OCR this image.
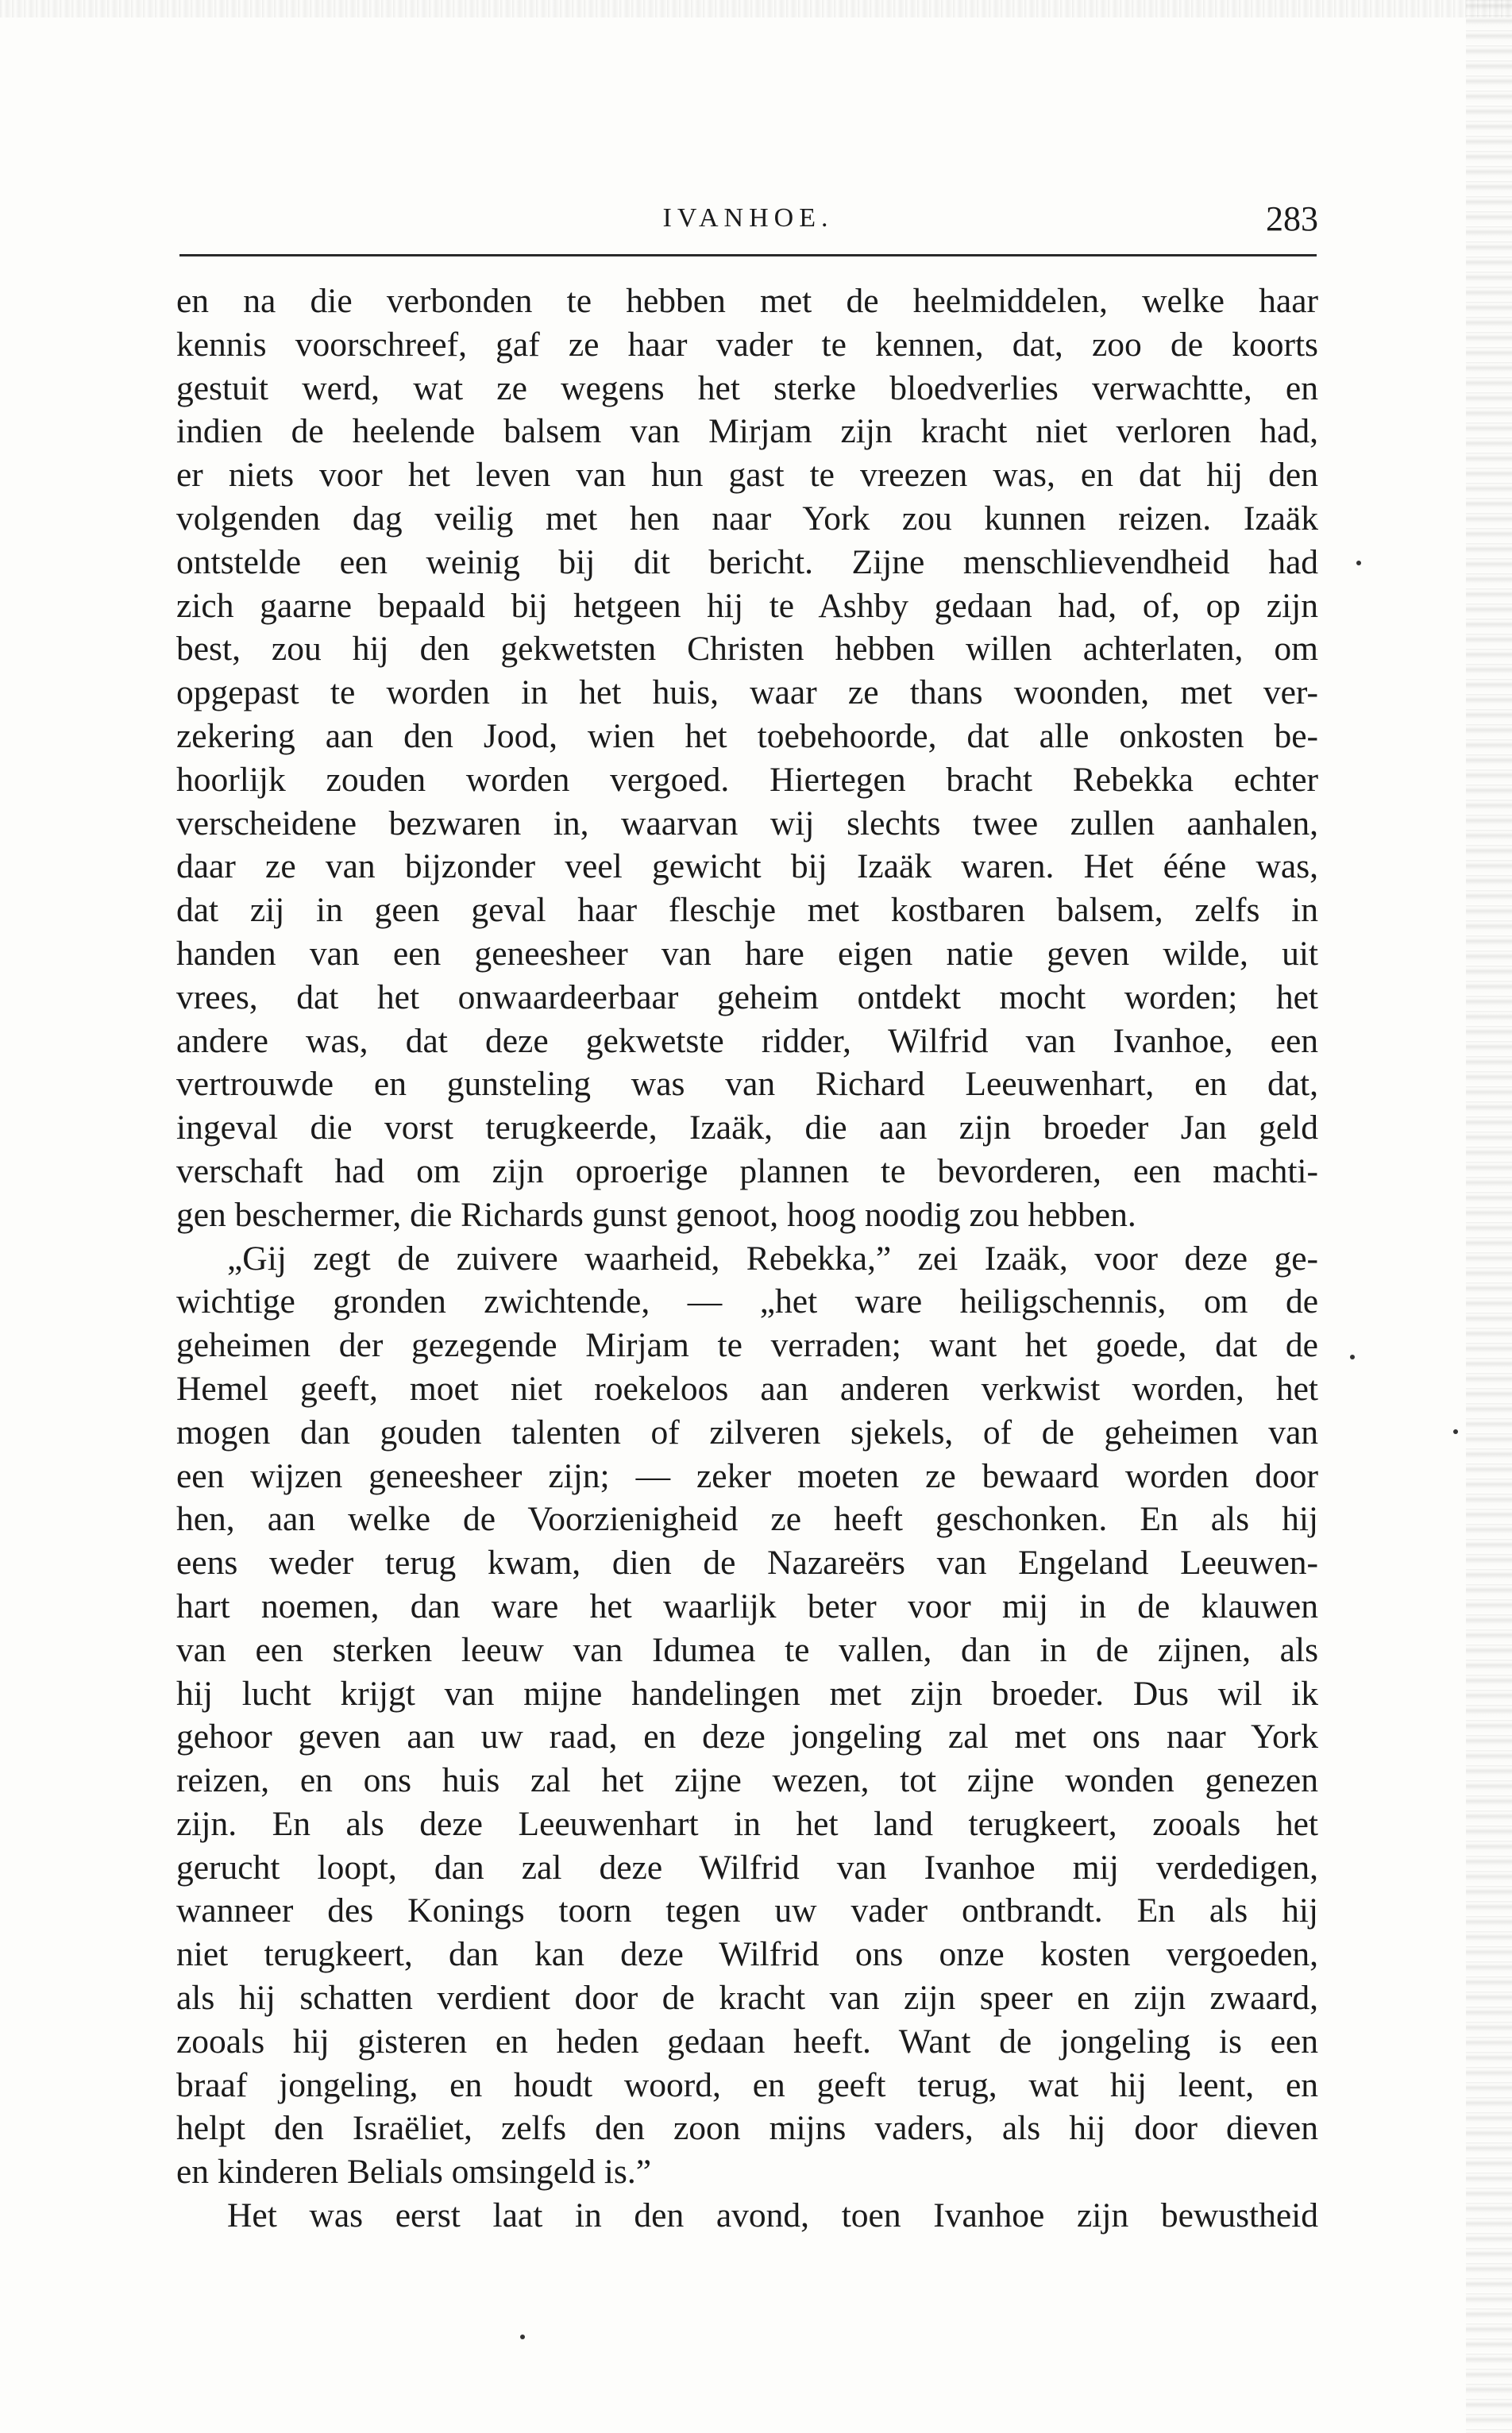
IVANHOE.	283
en na die verbonden te hebben met de heelmiddelen, welke haar
kennis voorschreef, gaf ze haar vader te kennen, dat, zoo de koorts
gestuit werd, wat ze wegens het sterke bloedverlies verwachtte, en
indien de heelende balsem van Mirjam zijn kracht niet verloren had,
er niets voor het leven van hun gast te vreezen was, en dat hij den
volgenden dag veilig met hen naar York zou kunnen reizen. Izaäk
ontstelde een weinig bij dit bericht. Zijne menschlievendheid had
zich gaarne bepaald bij hetgeen hij te Ashby gedaan had, of, op zijn
best, zou hij den gekwetsten Christen hebben willen achterlaten, om
opgepast te worden in het huis, waar ze thans woonden, met ver-
zekering aan den Jood, wien het toebehoorde, dat alle onkosten be-
hoorlijk zouden worden vergoed. Hiertegen bracht Rebekka echter
verscheidene bezwaren in, waarvan wij slechts twee zullen aanhalen,
daar ze van bijzonder veel gewicht bij Izaäk waren. Het ééne was,
dat zij in geen geval haar fleschje met kostbaren balsem, zelfs in
handen van een geneesheer van hare eigen natie geven wilde, uit
vrees, dat het onwaardeerbaar geheim ontdekt mocht worden; het
andere was, dat deze gekwetste ridder, Wilfrid van Ivanhoe, een
vertrouwde en gunsteling was van Richard Leeuwenhart, en dat,
ingeval die vorst terugkeerde, Izaäk, die aan zijn broeder Jan geld
verschaft had om zijn oproerige plannen te bevorderen, een machti-
gen beschermer, die Richards gunst genoot, hoog noodig zou hebben.
„Gij zegt de zuivere waarheid, Rebekka,” zei Izaäk, voor deze ge-
wichtige gronden zwichtende, — „het ware heiligschennis, om de
geheimen der gezegende Mirjam te verraden; want het goede, dat de
Hemel geeft, moet niet roekeloos aan anderen verkwist worden, het
mogen dan gouden talenten of zilveren sjekels, of de geheimen van
een wijzen geneesheer zijn; — zeker moeten ze bewaard worden door
hen, aan welke de Voorzienigheid ze heeft geschonken. En als hij
eens weder terug kwam, dien de Nazareërs van Engeland Leeuwen-
hart noemen, dan ware het waarlijk beter voor mij in de klauwen
van een sterken leeuw van Idumea te vallen, dan in de zijnen, als
hij lucht krijgt van mijne handelingen met zijn broeder. Dus wil ik
gehoor geven aan uw raad, en deze jongeling zal met ons naar York
reizen, en ons huis zal het zijne wezen, tot zijne wonden genezen
zijn. En als deze Leeuwenhart in het land terugkeert, zooals het
gerucht loopt, dan zal deze Wilfrid van Ivanhoe mij verdedigen,
wanneer des Konings toorn tegen uw vader ontbrandt. En als hij
niet terugkeert, dan kan deze Wilfrid ons onze kosten vergoeden,
als hij schatten verdient door de kracht van zijn speer en zijn zwaard,
zooals hij gisteren en heden gedaan heeft. Want de jongeling is een
braaf jongeling, en houdt woord, en geeft terug, wat hij leent, en
helpt den Israëliet, zelfs den zoon mijns vaders, als hij door dieven
en kinderen Belials omsingeld is.”
Het was eerst laat in den avond, toen Ivanhoe zijn bewustheid
